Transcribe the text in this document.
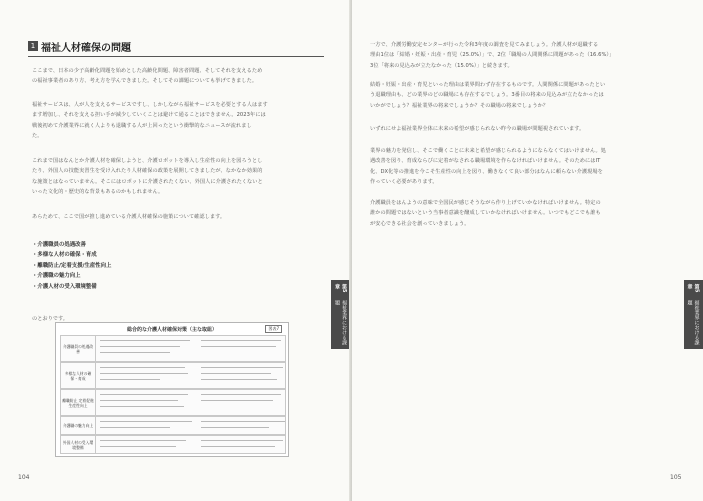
1 福祉人材確保の問題
ここまで、日本の少子高齢化問題を始めとした高齢化問題、障害者問題、そしてそれを支えるため
の福祉事業者のあり方、考え方を学んできました。そしてその課題についても挙げてきました。
福祉サービスは、人が人を支えるサービスですし、しかしながら福祉サービスを必要とする人はます
ます増加し、それを支える担い手が減少していくことは避けて通ることはできません。2023年には
戦後初めて介護業界に就く人よりも退職する人が上回ったという衝撃的なニュースが流れまし
た。
これまで国はなんとか介護人材を確保しようと、介護ロボットを導入し生産性の向上を図ろうとし
たり、外国人の技能実習生を受け入れたり人材確保の政策を展開してきましたが、なかなか効果的
な施策とはなっていません。そこにはロボットに介護されたくない、外国人に介護されたくないと
いった文化的・歴史的な背景もあるのかもしれません。
あらためて、ここで国が推し進めている介護人材確保の施策について確認します。
・介護職員の処遇改善
・多様な人材の確保・育成
・離職防止/定着支援/生産性向上
・介護職の魅力向上
・介護人材の受入環境整備
のとおりです。
総合的な介護人材確保対策（主な取組）	図表7
介護職員の処遇改善
多様な人材の確保・育成
離職防止 定着促進 生産性向上
介護職の魅力向上
外国人材の受入環境整備
104
第5章
福祉業界における課題
一方で、介護労働安定センターが行った令和3年度の調査を見てみましょう。介護人材が退職する
理由1位は「結婚・妊娠・出産・育児（25.0%）」で、2位「職場の人間関係に問題があった（16.6%）」
3位「将来の見込みが立たなかった（15.0%）」と続きます。
結婚・妊娠・出産・育児といった理由は業界問わず存在するものです。人間関係に問題があったとい
う退職理由も、どの業界のどの職場にも存在するでしょう。3番目の将来の見込みが立たなかったは
いかがでしょう？福祉業界の将来でしょうか？その職場の将来でしょうか？
いずれにせよ福祉業界全体に未来の希望が感じられない昨今の職場が問題視されています。
業界の魅力を発信し、そこで働くことに未来と希望が感じられるようにならなくてはいけません。処
遇改善を図り、育成ならびに定着がなされる職場環境を作らなければいけません。そのためにはIT
化、DX化等の推進を今こそ生産性の向上を図り、働きなくて良い部分はなんに頼らない介護現場を
作っていく必要があります。
介護職員をはんようの意味で全国民が感じそうながら作り上げていかなければいけません。特定の
誰かの問題ではないという当事者意識を醸成していかなければいけません。いつでもどこでも誰も
が安心できる社会を創っていきましょう。
105
第5章
福祉業界における課題
